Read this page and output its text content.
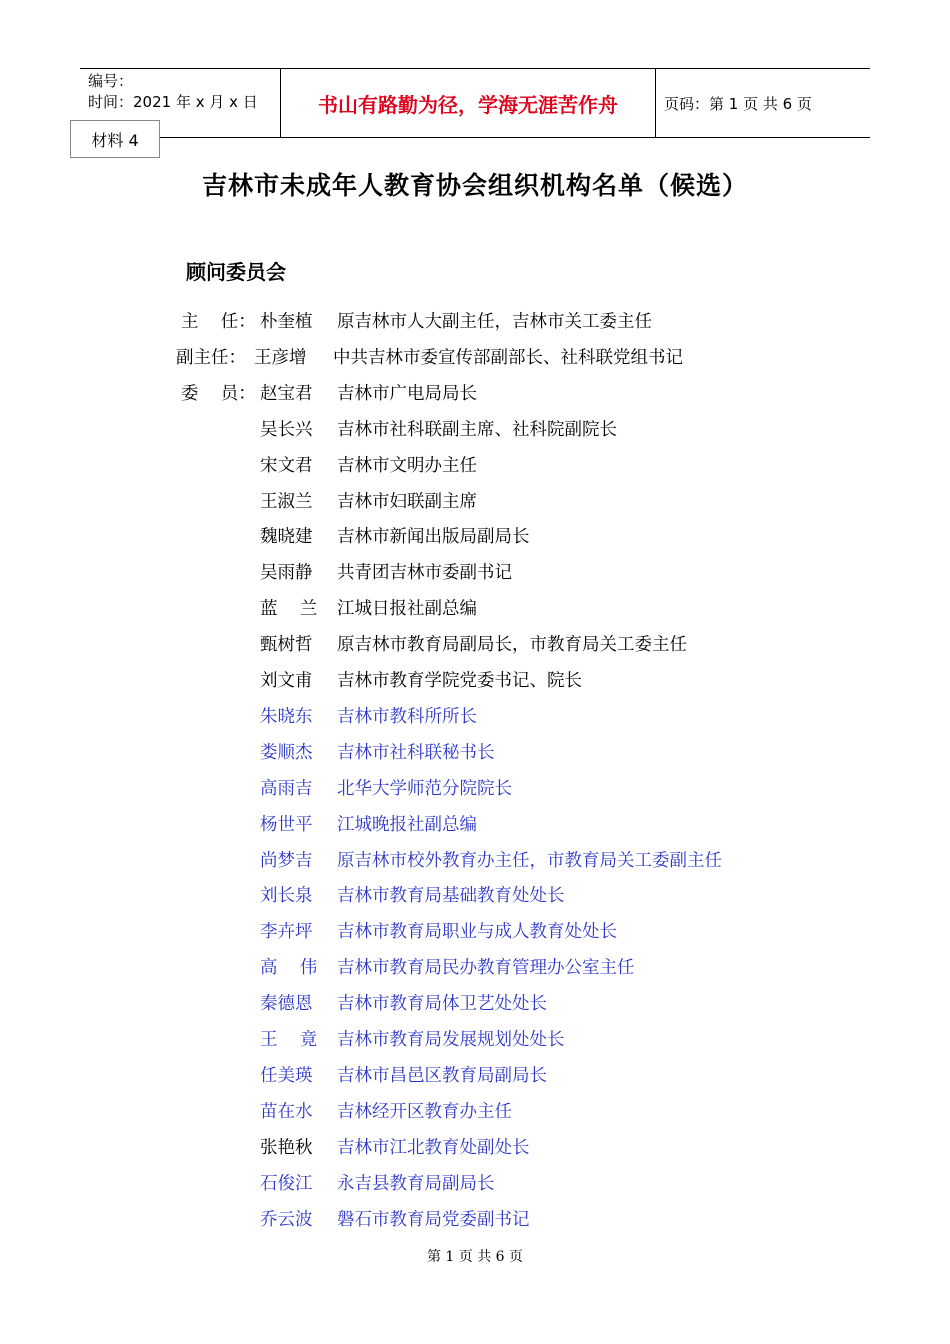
编号：
时间：2021 年 x 月 x 日	书山有路勤为径，学海无涯苦作舟	页码：第 1 页 共 6 页
材料 4
吉林市未成年人教育协会组织机构名单（候选）
顾问委员会
主    任： 朴奎植 原吉林市人大副主任，吉林市关工委主任
副主任： 王彦增 中共吉林市委宣传部副部长、社科联党组书记
委    员： 赵宝君 吉林市广电局局长
吴长兴 吉林市社科联副主席、社科院副院长
宋文君 吉林市文明办主任
王淑兰 吉林市妇联副主席
魏晓建 吉林市新闻出版局副局长
吴雨静 共青团吉林市委副书记
蓝    兰 江城日报社副总编
甄树哲 原吉林市教育局副局长，市教育局关工委主任
刘文甫 吉林市教育学院党委书记、院长
朱晓东 吉林市教科所所长
娄顺杰 吉林市社科联秘书长
高雨吉 北华大学师范分院院长
杨世平 江城晚报社副总编
尚梦吉 原吉林市校外教育办主任，市教育局关工委副主任
刘长泉 吉林市教育局基础教育处处长
李卉坪 吉林市教育局职业与成人教育处处长
高    伟 吉林市教育局民办教育管理办公室主任
秦德恩 吉林市教育局体卫艺处处长
王    竟 吉林市教育局发展规划处处长
任美瑛 吉林市昌邑区教育局副局长
苗在水 吉林经开区教育办主任
张艳秋 吉林市江北教育处副处长
石俊江 永吉县教育局副局长
乔云波 磐石市教育局党委副书记
第 1 页 共 6 页
